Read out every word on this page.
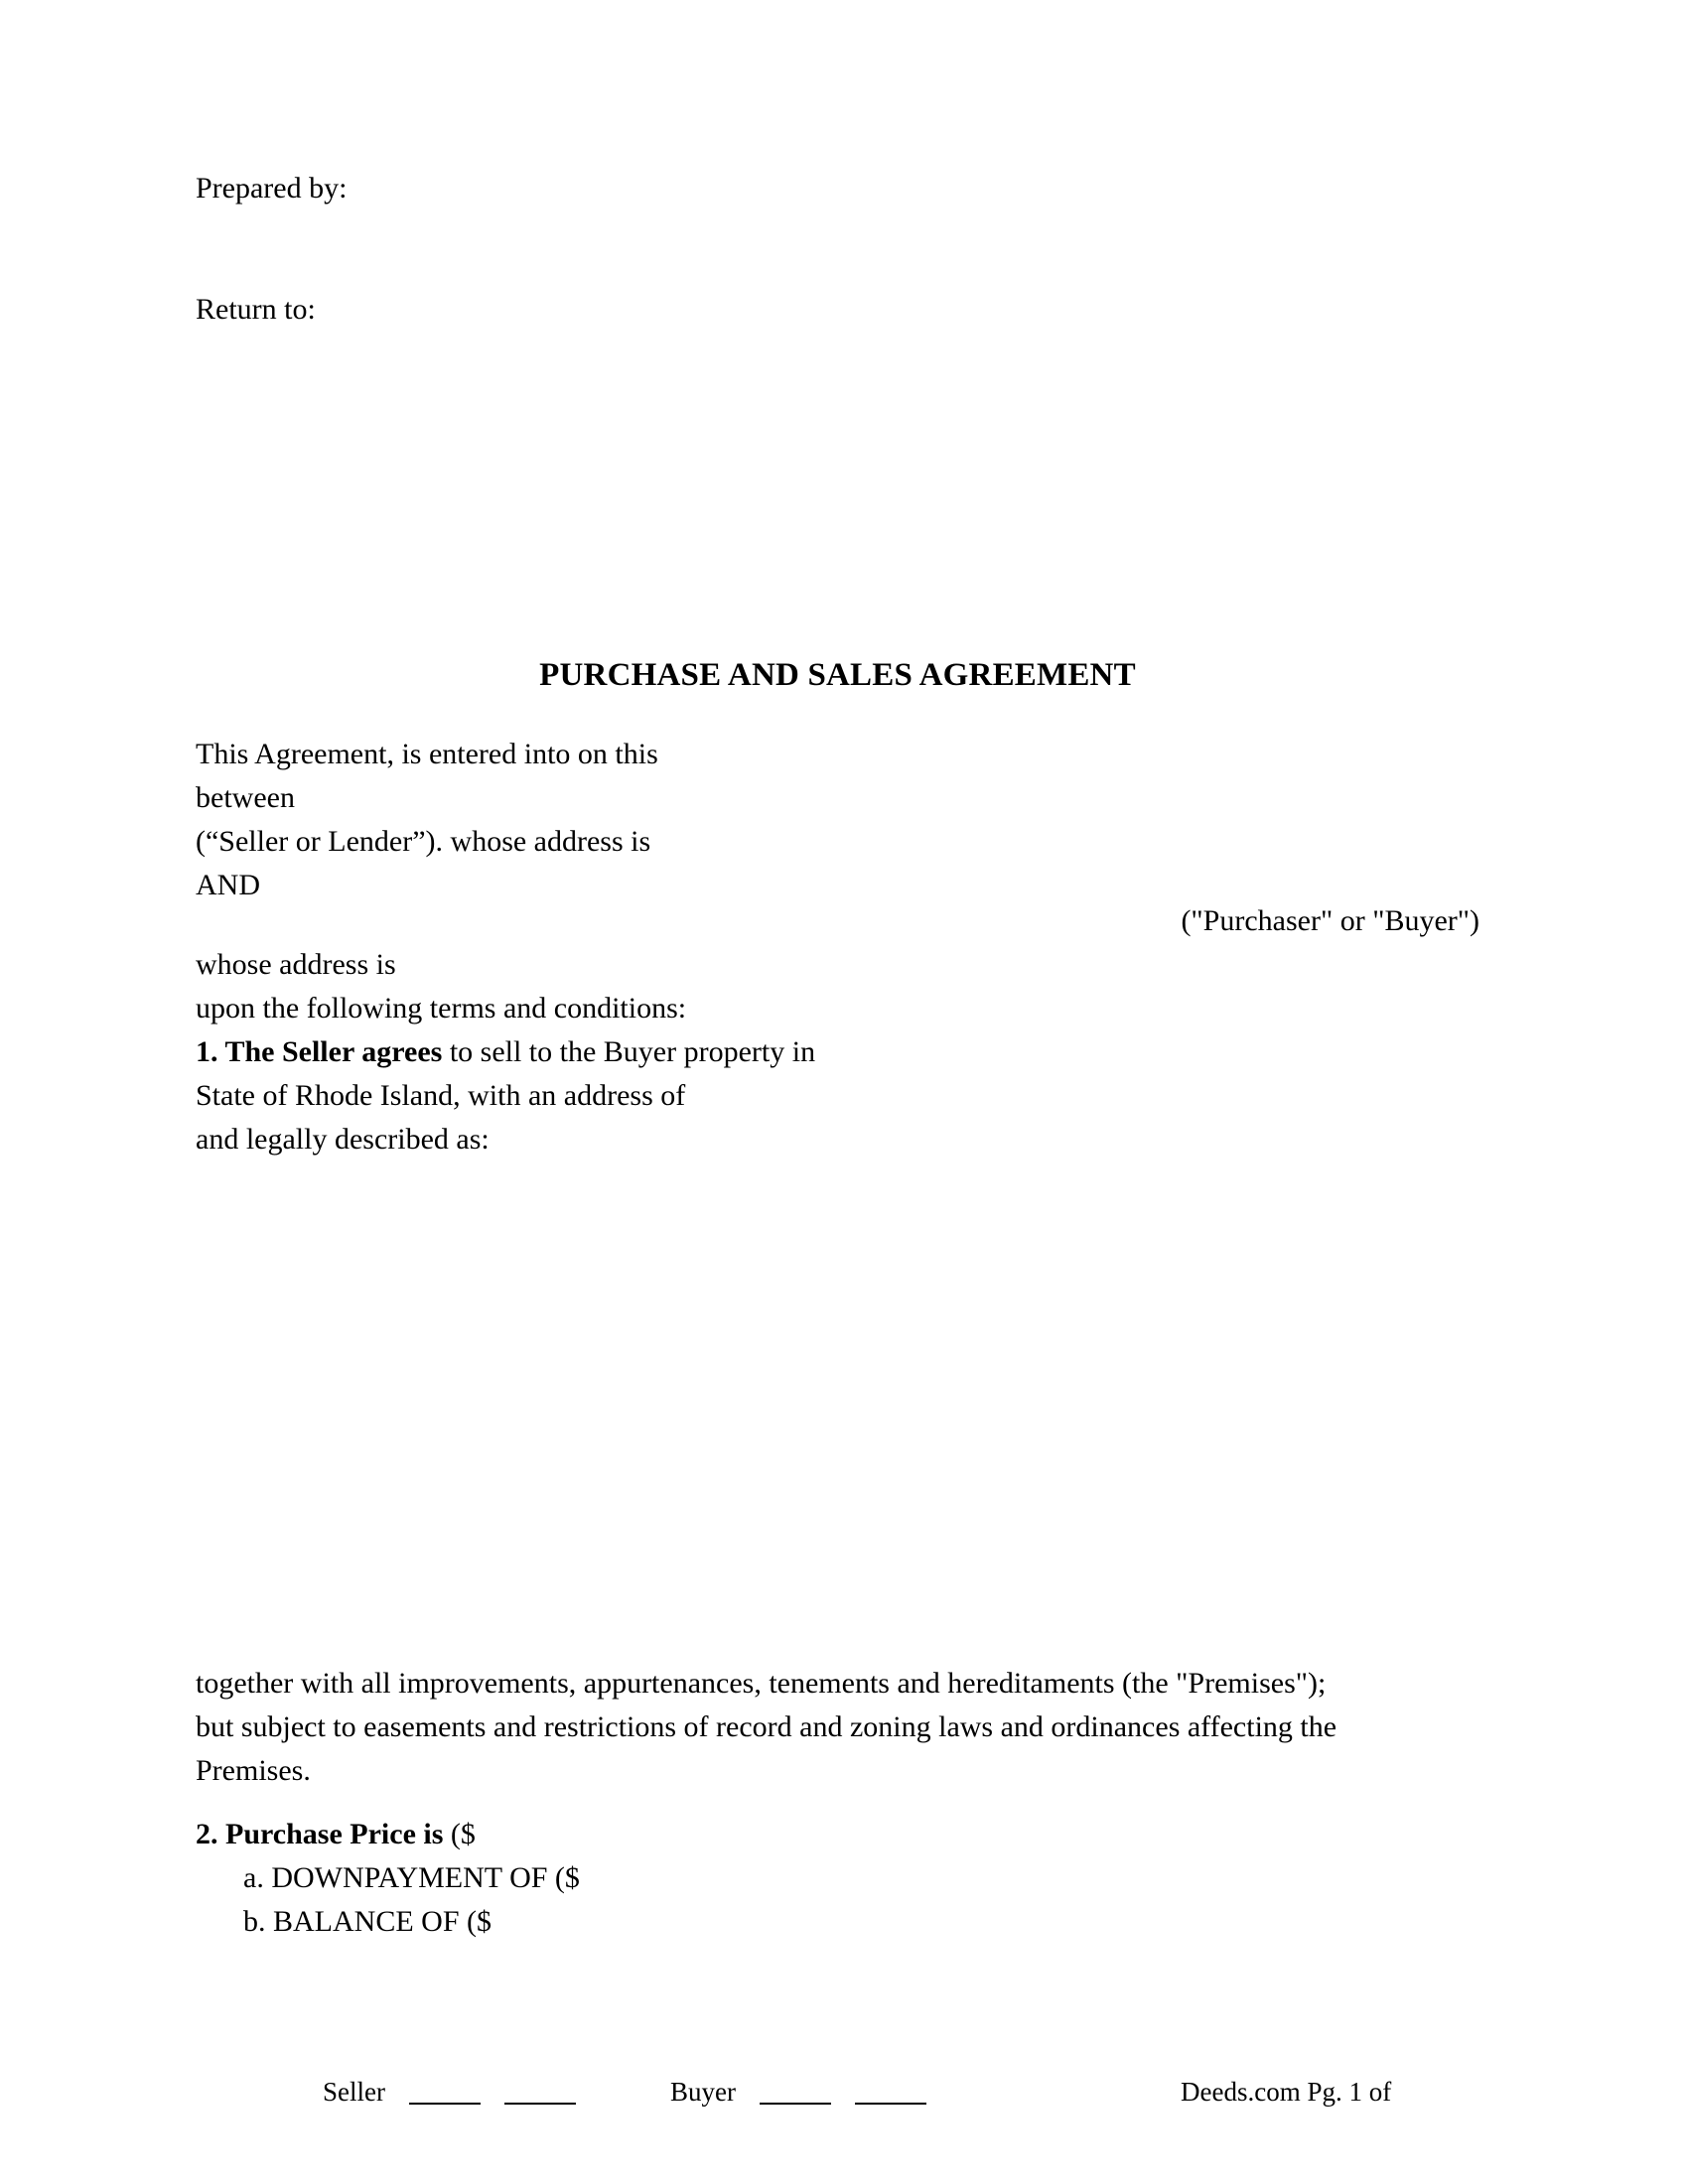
Prepared by:
Return to:
PURCHASE AND SALES AGREEMENT
This Agreement, is entered into on this
between
(“Seller or Lender”). whose address is
AND
("Purchaser" or "Buyer")
whose address is
upon the following terms and conditions:
1. The Seller agrees to sell to the Buyer property in
State of Rhode Island, with an address of
and legally described as:
together with all improvements, appurtenances, tenements and hereditaments (the "Premises");
but subject to easements and restrictions of record and zoning laws and ordinances affecting the
Premises.
2. Purchase Price is ($
a. DOWNPAYMENT OF ($
b. BALANCE OF ($
Seller	Buyer	Deeds.com Pg. 1 of
